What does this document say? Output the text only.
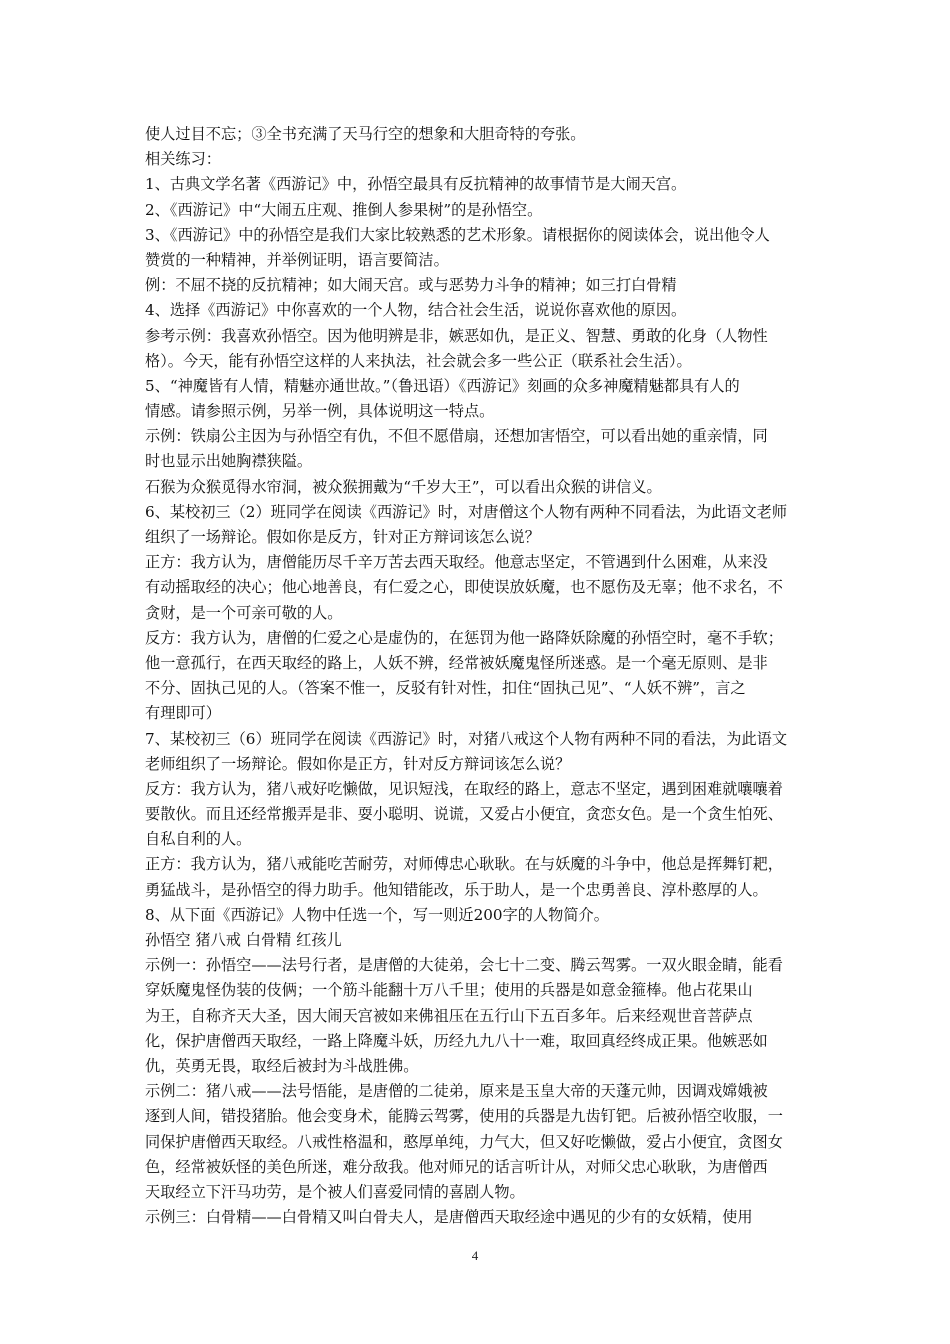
使人过目不忘；③全书充满了天马行空的想象和大胆奇特的夸张。
相关练习：
1、古典文学名著《西游记》中，孙悟空最具有反抗精神的故事情节是大闹天宫。
2、《西游记》中“大闹五庄观、推倒人参果树”的是孙悟空。
3、《西游记》中的孙悟空是我们大家比较熟悉的艺术形象。请根据你的阅读体会，说出他令人
赞赏的一种精神，并举例证明，语言要简洁。
例：不屈不挠的反抗精神；如大闹天宫。或与恶势力斗争的精神；如三打白骨精
4、选择《西游记》中你喜欢的一个人物，结合社会生活，说说你喜欢他的原因。
参考示例：我喜欢孙悟空。因为他明辨是非，嫉恶如仇，是正义、智慧、勇敢的化身（人物性
格）。今天，能有孙悟空这样的人来执法，社会就会多一些公正（联系社会生活）。
5、“神魔皆有人情，精魅亦通世故。”（鲁迅语）《西游记》刻画的众多神魔精魅都具有人的
情感。请参照示例，另举一例，具体说明这一特点。
示例：铁扇公主因为与孙悟空有仇，不但不愿借扇，还想加害悟空，可以看出她的重亲情，同
时也显示出她胸襟狭隘。
石猴为众猴觅得水帘洞，被众猴拥戴为“千岁大王”，可以看出众猴的讲信义。
6、某校初三（2）班同学在阅读《西游记》时，对唐僧这个人物有两种不同看法，为此语文老师
组织了一场辩论。假如你是反方，针对正方辩词该怎么说？
正方：我方认为，唐僧能历尽千辛万苦去西天取经。他意志坚定，不管遇到什么困难，从来没
有动摇取经的决心；他心地善良，有仁爱之心，即使误放妖魔，也不愿伤及无辜；他不求名，不
贪财，是一个可亲可敬的人。
反方：我方认为，唐僧的仁爱之心是虚伪的，在惩罚为他一路降妖除魔的孙悟空时，毫不手软；
他一意孤行，在西天取经的路上，人妖不辨，经常被妖魔鬼怪所迷惑。是一个毫无原则、是非
不分、固执己见的人。（答案不惟一，反驳有针对性，扣住“固执己见”、“人妖不辨”，言之
有理即可）
7、某校初三（6）班同学在阅读《西游记》时，对猪八戒这个人物有两种不同的看法，为此语文
老师组织了一场辩论。假如你是正方，针对反方辩词该怎么说？
反方：我方认为，猪八戒好吃懒做，见识短浅，在取经的路上，意志不坚定，遇到困难就嚷嚷着
要散伙。而且还经常搬弄是非、耍小聪明、说谎，又爱占小便宜，贪恋女色。是一个贪生怕死、
自私自利的人。
正方：我方认为，猪八戒能吃苦耐劳，对师傅忠心耿耿。在与妖魔的斗争中，他总是挥舞钉耙，
勇猛战斗，是孙悟空的得力助手。他知错能改，乐于助人，是一个忠勇善良、淳朴憨厚的人。
8、从下面《西游记》人物中任选一个，写一则近200字的人物简介。
孙悟空 猪八戒 白骨精 红孩儿
示例一：孙悟空——法号行者，是唐僧的大徒弟，会七十二变、腾云驾雾。一双火眼金睛，能看
穿妖魔鬼怪伪装的伎俩；一个筋斗能翻十万八千里；使用的兵器是如意金箍棒。他占花果山
为王，自称齐天大圣，因大闹天宫被如来佛祖压在五行山下五百多年。后来经观世音菩萨点
化，保护唐僧西天取经，一路上降魔斗妖，历经九九八十一难，取回真经终成正果。他嫉恶如
仇，英勇无畏，取经后被封为斗战胜佛。
示例二：猪八戒——法号悟能，是唐僧的二徒弟，原来是玉皇大帝的天蓬元帅，因调戏嫦娥被
逐到人间，错投猪胎。他会变身术，能腾云驾雾，使用的兵器是九齿钉钯。后被孙悟空收服，一
同保护唐僧西天取经。八戒性格温和，憨厚单纯，力气大，但又好吃懒做，爱占小便宜，贪图女
色，经常被妖怪的美色所迷，难分敌我。他对师兄的话言听计从，对师父忠心耿耿，为唐僧西
天取经立下汗马功劳，是个被人们喜爱同情的喜剧人物。
示例三：白骨精——白骨精又叫白骨夫人，是唐僧西天取经途中遇见的少有的女妖精，使用
4
